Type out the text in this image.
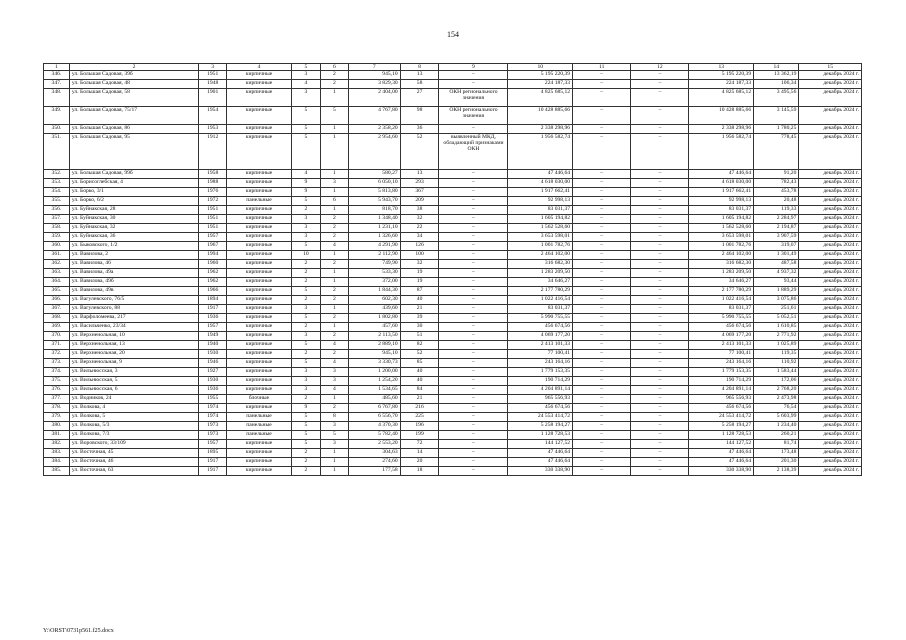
154
1	2	3	4	5	6	7	8	9	10	11	12	13	14	15
346.	ул. Большая Садовая, 39б	1951	кирпичные	3	2	945,10	13	–	5 195 220,39	–	–	5 195 220,39	13 362,19	декабрь 2024 г.
347.	ул. Большая Садовая, 48	1948	кирпичные	4	2	3 829,30	58	–	224 187,33	–	–	224 187,33	106,34	декабрь 2024 г.
348.	ул. Большая Садовая, 58	1901	кирпичные	3	1	2 404,00	27	ОКН регионального значения	4 825 685,12	–	–	4 825 685,12	3 495,56	декабрь 2024 г.
349.	ул. Большая Садовая, 75/17	1954	кирпичные	5	5	4 767,80	98	ОКН регионального значения	10 428 885,66	–	–	10 428 885,66	3 145,59	декабрь 2024 г.
350.	ул. Большая Садовая, 86	1953	кирпичные	5	1	2 358,20	36	–	2 338 298,96	–	–	2 338 298,96	1 780,25	декабрь 2024 г.
351.	ул. Большая Садовая, 95	1912	кирпичные	5	1	2 954,60	52	выявленный МКД, обладающий признаками ОКН	1 956 582,74	–	–	1 956 582,74	778,45	декабрь 2024 г.
352.	ул. Большая Садовая, 99б	1958	кирпичные	4	1	580,27	13	–	47 446,64	–	–	47 446,64	91,20	декабрь 2024 г.
353.	ул. Борисоглебская, 4	1988	кирпичные	9	3	6 050,10	293	–	4 618 030,00	–	–	4 618 030,00	782,43	декабрь 2024 г.
354.	ул. Борко, 3/1	1976	кирпичные	9	1	5 813,80	367	–	1 917 662,41	–	–	1 917 662,41	453,78	декабрь 2024 г.
355.	ул. Борко, 6/2	1972	панельные	5	6	5 943,70	209	–	92 998,13	–	–	92 998,13	20,48	декабрь 2024 г.
356.	ул. Буйнакская, 28	1951	кирпичные	2	1	818,70	38	–	83 031,37	–	–	83 031,37	119,33	декабрь 2024 г.
357.	ул. Буйнакская, 30	1951	кирпичные	3	2	1 348,40	32	–	1 605 194,82	–	–	1 605 194,82	2 284,97	декабрь 2024 г.
358.	ул. Буйнакская, 32	1951	кирпичные	3	2	1 231,10	22	–	1 562 528,60	–	–	1 562 528,60	2 194,87	декабрь 2024 г.
359.	ул. Буйнакская, 36	1957	кирпичные	3	2	1 326,60	34	–	3 653 598,01	–	–	3 653 598,01	3 907,59	декабрь 2024 г.
360.	ул. Быковского, 1/2	1967	кирпичные	5	4	4 291,90	126	–	1 001 782,76	–	–	1 001 782,76	319,07	декабрь 2024 г.
361.	ул. Вавилова, 2	1994	кирпичные	10	1	2 112,90	100	–	2 464 102,00	–	–	2 464 102,00	1 301,49	декабрь 2024 г.
362.	ул. Вавилова, 46	1960	кирпичные	2	2	749,90	32	–	316 682,30	–	–	316 682,30	487,58	декабрь 2024 г.
363.	ул. Вавилова, 49а	1962	кирпичные	2	1	533,30	19	–	1 283 209,50	–	–	1 283 209,50	4 937,32	декабрь 2024 г.
364.	ул. Вавилова, 49б	1962	кирпичные	2	1	372,00	19	–	34 646,27	–	–	34 646,27	93,44	декабрь 2024 г.
365.	ул. Вавилова, 49в	1966	кирпичные	5	2	1 844,30	87	–	2 177 780,29	–	–	2 177 780,29	1 889,29	декабрь 2024 г.
366.	ул. Вагулевского, 76/5	1894	кирпичные	2	2	602,30	40	–	1 022 416,54	–	–	1 022 416,54	3 075,86	декабрь 2024 г.
367.	ул. Вагулевского, 88	1917	кирпичные	3	1	439,60	21	–	83 031,37	–	–	83 031,37	251,61	декабрь 2024 г.
368.	ул. Варфоломеева, 217	1936	кирпичные	5	2	1 802,80	39	–	5 990 755,55	–	–	5 990 755,55	5 052,51	декабрь 2024 г.
369.	ул. Васильченко, 23/34	1957	кирпичные	2	1	457,60	30	–	456 674,56	–	–	456 674,56	1 610,85	декабрь 2024 г.
370.	ул. Верхненольная, 10	1949	кирпичные	3	2	2 113,50	51	–	4 069 177,20	–	–	4 069 177,20	2 771,92	декабрь 2024 г.
371.	ул. Верхненольная, 13	1940	кирпичные	5	4	2 889,10	82	–	2 413 101,33	–	–	2 413 101,33	1 025,89	декабрь 2024 г.
372.	ул. Верхненольная, 20	1930	кирпичные	2	2	945,10	52	–	77 100,41	–	–	77 100,41	119,35	декабрь 2024 г.
373.	ул. Верхненольная, 9	1946	кирпичные	5	4	3 330,73	85	–	243 164,16	–	–	243 164,16	110,92	декабрь 2024 г.
374.	ул. Вильнюсская, 3	1927	кирпичные	3	3	1 200,00	40	–	1 779 153,35	–	–	1 779 153,35	1 583,44	декабрь 2024 г.
375.	ул. Вильнюсская, 5	1930	кирпичные	3	3	1 254,20	40	–	190 714,29	–	–	190 714,29	172,06	декабрь 2024 г.
376.	ул. Вильнюсская, 6	1936	кирпичные	3	4	1 534,65	84	–	4 204 891,14	–	–	4 204 891,14	2 768,20	декабрь 2024 г.
377.	ул. Водников, 24	1955	блочные	2	1	485,60	21	–	965 556,93	–	–	965 556,93	2 473,98	декабрь 2024 г.
378.	ул. Волкова, 4	1974	кирпичные	9	2	6 767,80	216	–	456 674,56	–	–	456 674,56	76,54	декабрь 2024 г.
379.	ул. Волкова, 5	1974	панельные	5	8	6 556,70	225	–	24 553 414,72	–	–	24 553 414,72	5 603,99	декабрь 2024 г.
380.	ул. Волкова, 5/3	1973	панельные	5	3	4 370,30	196	–	5 258 194,27	–	–	5 258 194,27	1 234,40	декабрь 2024 г.
381.	ул. Волкова, 7/3	1973	панельные	5	5	5 782,40	199	–	1 128 728,53	–	–	1 128 728,53	260,21	декабрь 2024 г.
382.	ул. Воровского, 33/109	1957	кирпичные	5	3	2 553,20	72	–	144 127,52	–	–	144 127,52	81,74	декабрь 2024 г.
383.	ул. Восточная, 45	1895	кирпичные	2	1	304,63	14	–	47 446,64	–	–	47 446,64	173,48	декабрь 2024 г.
384.	ул. Восточная, 46	1917	кирпичные	2	1	274,60	20	–	47 446,64	–	–	47 446,64	201,30	декабрь 2024 г.
385.	ул. Восточная, 63	1917	кирпичные	2	1	177,58	18	–	330 338,90	–	–	330 338,90	2 138,39	декабрь 2024 г.
Y:\ORST\0731p561.f25.docx
